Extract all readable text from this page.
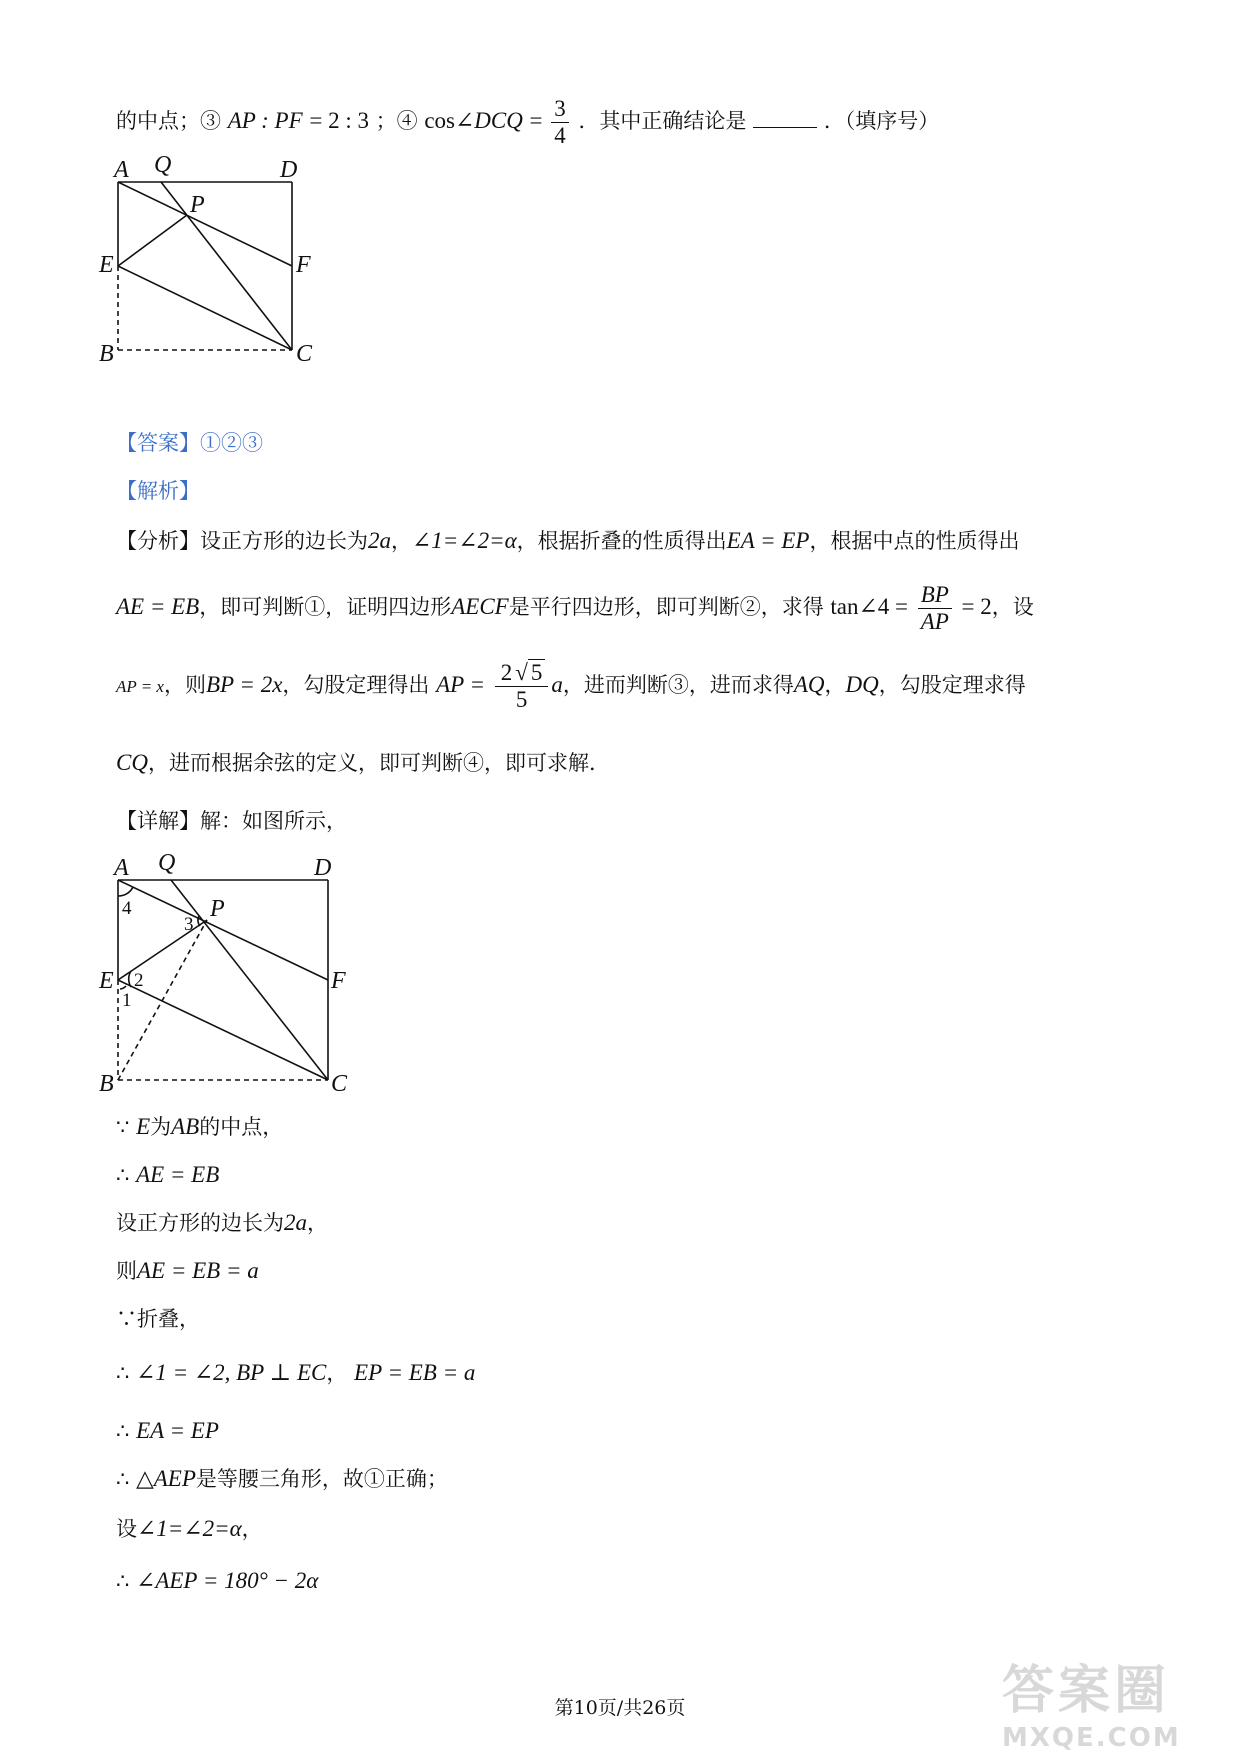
的中点；③ AP : PF = 2 : 3 ；④ cos∠DCQ = $\frac{3}{4}$ ．其中正确结论是	．（填序号）
A Q	D
P
E	F
B	C
【答案】①②③
【解析】
【分析】设正方形的边长为2a，∠1=∠2=α，根据折叠的性质得出EA = EP，根据中点的性质得出
AE = EB，即可判断①，证明四边形AECF是平行四边形，即可判断②，求得 tan∠4 = $\frac{BP}{AP} = 2$，设
AP = x，则BP = 2x，勾股定理得出 AP = $\frac{2 √ 5}{5}$ a，进而判断③，进而求得AQ，DQ，勾股定理求得
CQ，进而根据余弦的定义，即可判断④，即可求解．
【详解】解：如图所示，
A Q	D
P
E	F
B	C
4
3
2
1
∵ E为AB的中点，
∴ AE = EB
设正方形的边长为2a，
则AE = EB = a
∵折叠，
∴ ∠1 = ∠2, BP ⊥ EC， EP = EB = a
∴ EA = EP
∴ △AEP是等腰三角形，故①正确；
设∠1=∠2=α，
∴ ∠AEP = 180° − 2α
第10页/共26页	答案圈
MXQE.COM
